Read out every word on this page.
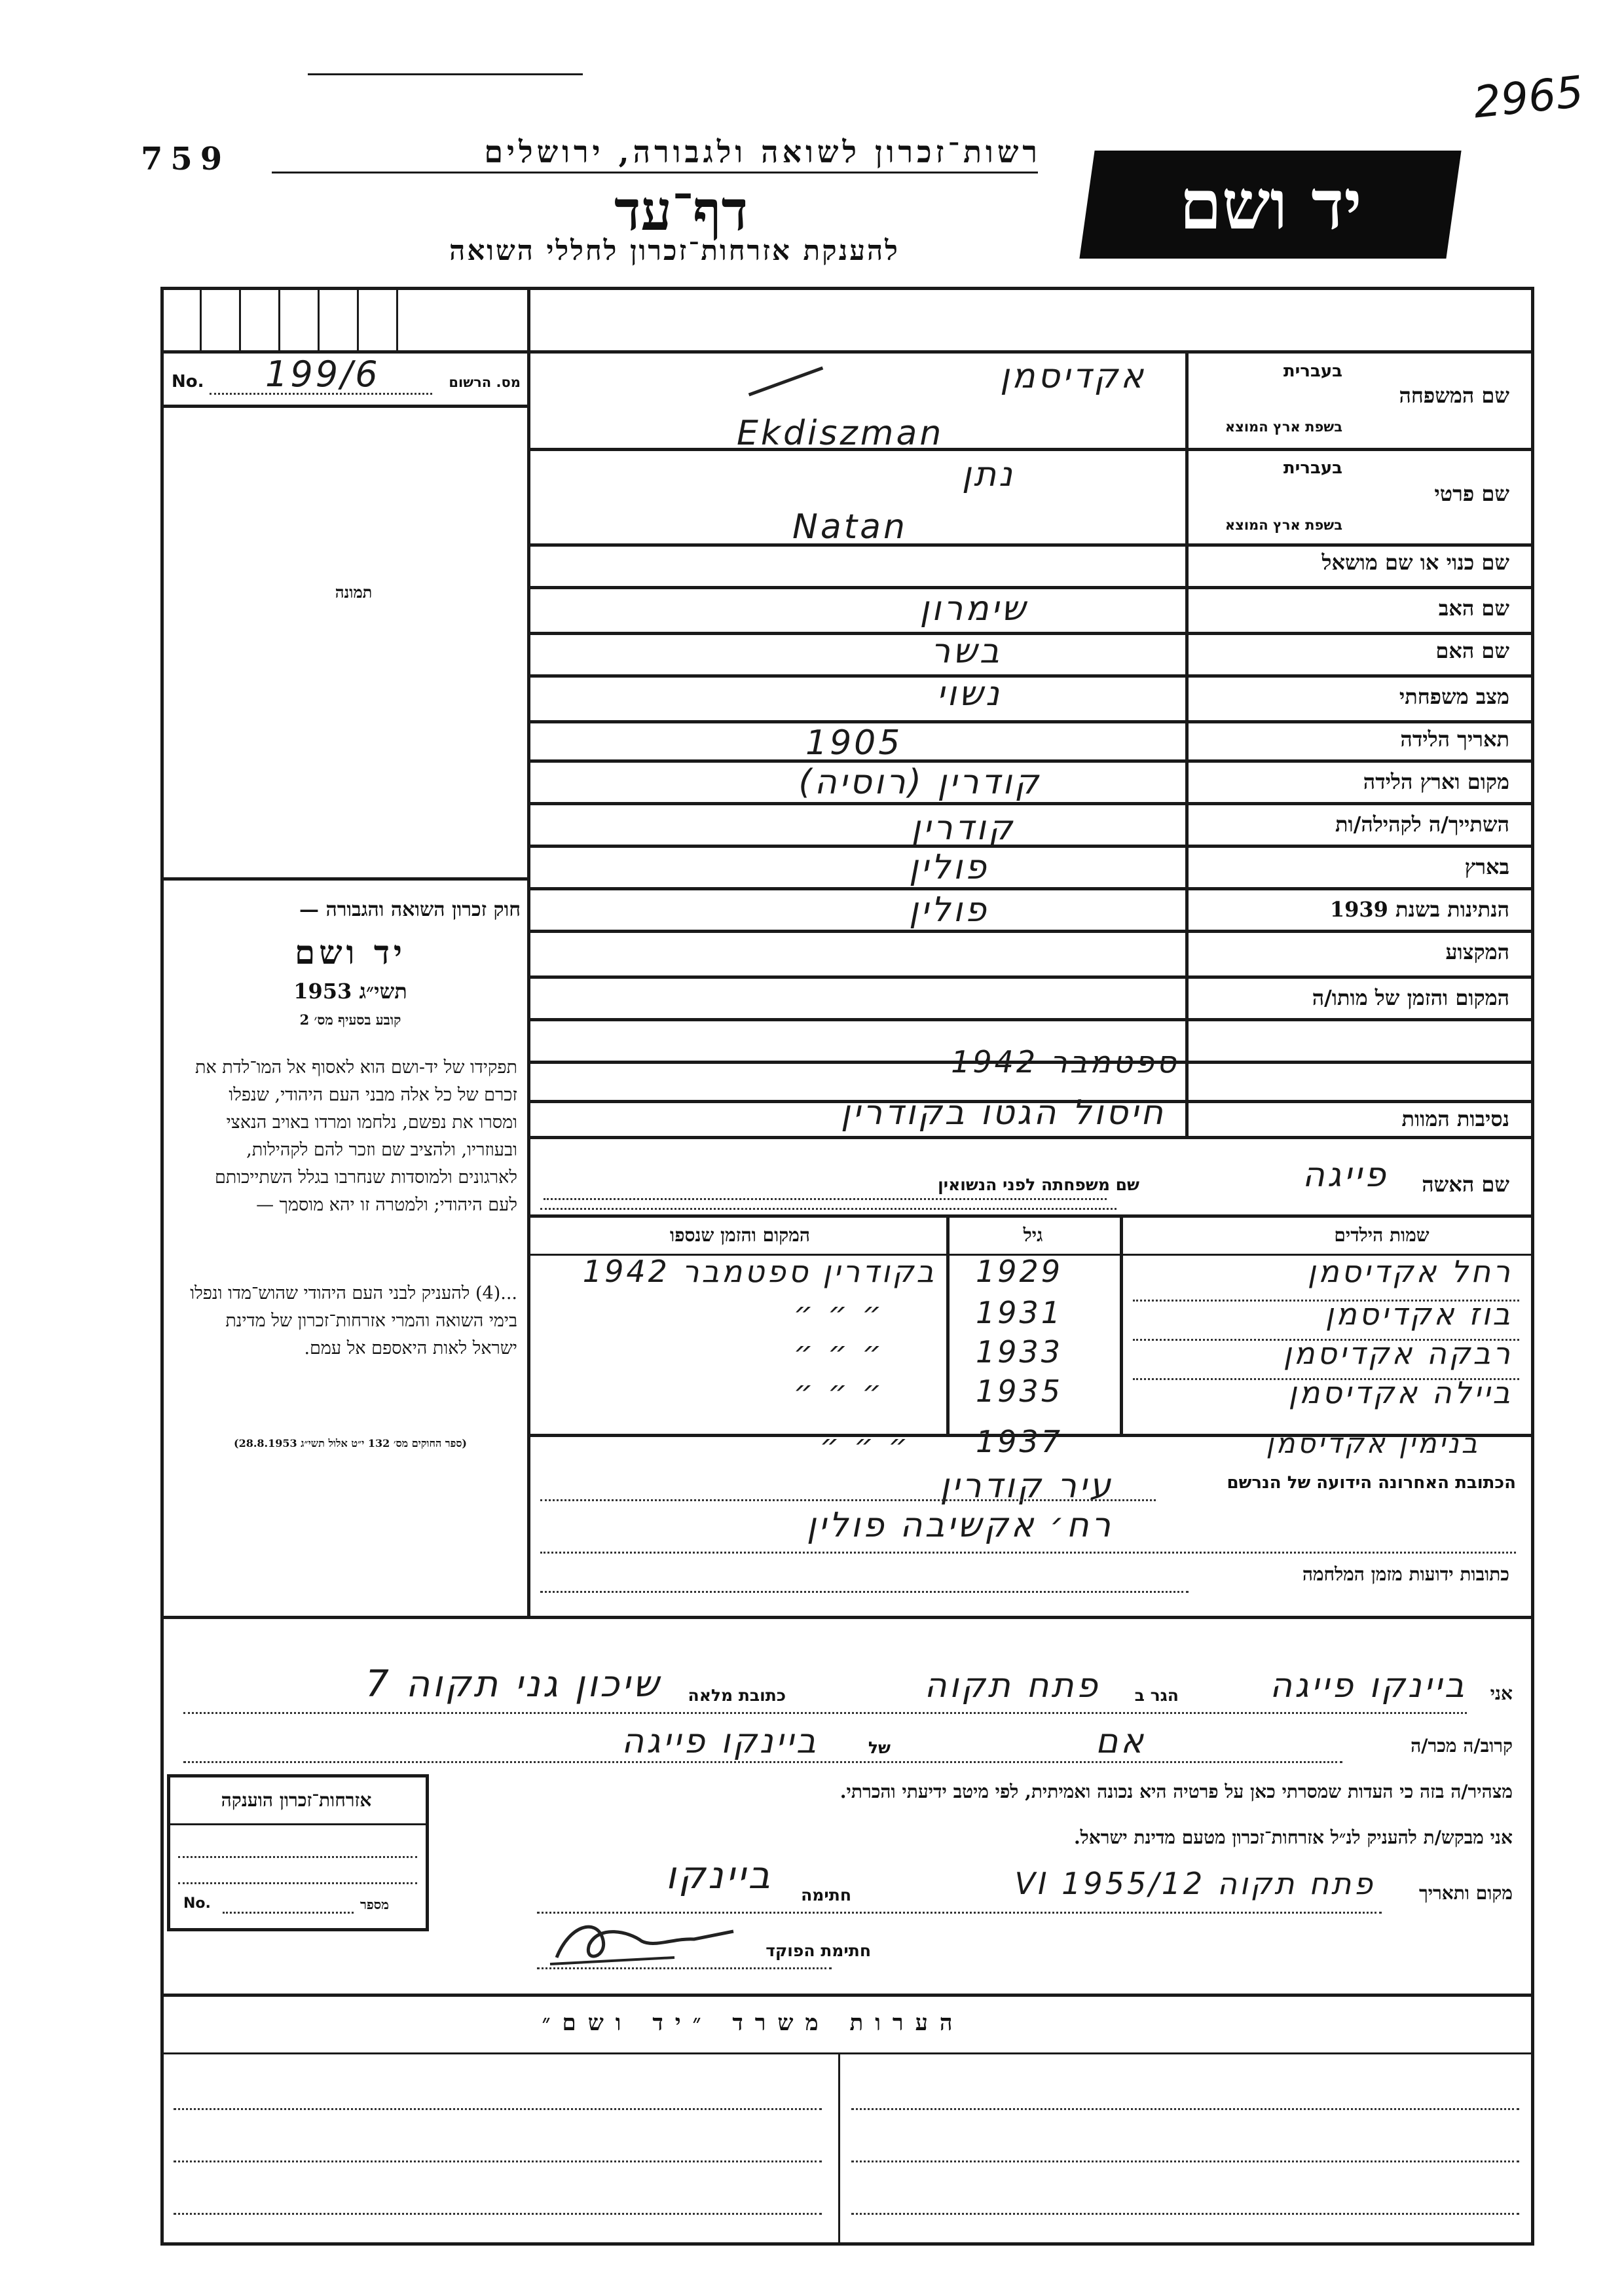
759
2965
רשות־זכרון לשואה ולגבורה, ירושלים
דף־עד
להענקת אזרחות־זכרון לחללי השואה
יד ושם
No. 199/6	מס. הרשום
תמונה
חוק זכרון השואה והגבורה —
יד ושם
תשי״ג 1953
קובע בסעיף מס׳ 2
תפקידו של יד-ושם הוא לאסוף אל המו־לדת את זכרם של כל אלה מבני העם היהודי, שנפלו ומסרו את נפשם, נלחמו ומרדו באויב הנאצי ובעוזריו, ולהציב שם וזכר להם לקהילות, לארגונים ולמוסדות שנחרבו בגלל השתייכותם לעם היהודי; ולמטרה זו יהא מוסמך —
...(4) להעניק לבני העם היהודי שהוש־מדו ונפלו בימי השואה והמרי אזרחות־זכרון של מדינת ישראל לאות היאספם אל עמם.
(ספר החוקים מס׳ 132 י״ט אלול תשי״ג 28.8.1953)
שם המשפחה
בעברית
בשפת ארץ המוצא
אקדיסמן
Ekdiszman
שם פרטי
בעברית
בשפת ארץ המוצא
נתן
Natan
שם כנוי או שם מושאל
שם האב
שימרון
שם האם
בשר
מצב משפחתי
נשוי
תאריך הלידה
1905
מקום וארץ הלידה
קודרין (רוסיה)
השתייך/ה לקהילה/ות
קודרין
בארץ
פולין
הנתינות בשנת 1939
פולין
המקצוע
המקום והזמן של מותו/ה
ספטמבר 1942
נסיבות המוות
חיסול הגטו בקודרין
שם האשה
פייגה
שם משפחתה לפני הנשואין
שמות הילדים
גיל
המקום והזמן שנספו
רחל אקדיסמן
1929
בקודרין ספטמבר 1942
בוז אקדיסמן
1931
״ ״ ״
רבקה אקדיסמן
1933
״ ״ ״
ביילה אקדיסמן
1935
״ ״ ״
בנימין אקדיסמן
1937
״ ״ ״
הכתובת האחרונה הידועה של הנרשם
עיר קודרין
רח׳ אקשיבה פולין
כתובות ידועות מזמן המלחמה
אני
ביינקו פייגה
הגר ב
פתח תקוה
כתובת מלאה
שיכון גני תקוה 7
קרוב/ה מכר/ה
אם
של
ביינקו פייגה
מצהיר/ה בזה כי העדות שמסרתי כאן על פרטיה היא נכונה ואמיתית, לפי מיטב ידיעתי והכרתי.
אני מבקש/ת להעניק לנ״ל אזרחות־זכרון מטעם מדינת ישראל.
מקום ותאריך
פתח תקוה 12/VI 1955
חתימה
ביינקו
חתימת הפוקד
אזרחות־זכרון הוענקה
No.	מספר
הערות משרד ״יד ושם״
